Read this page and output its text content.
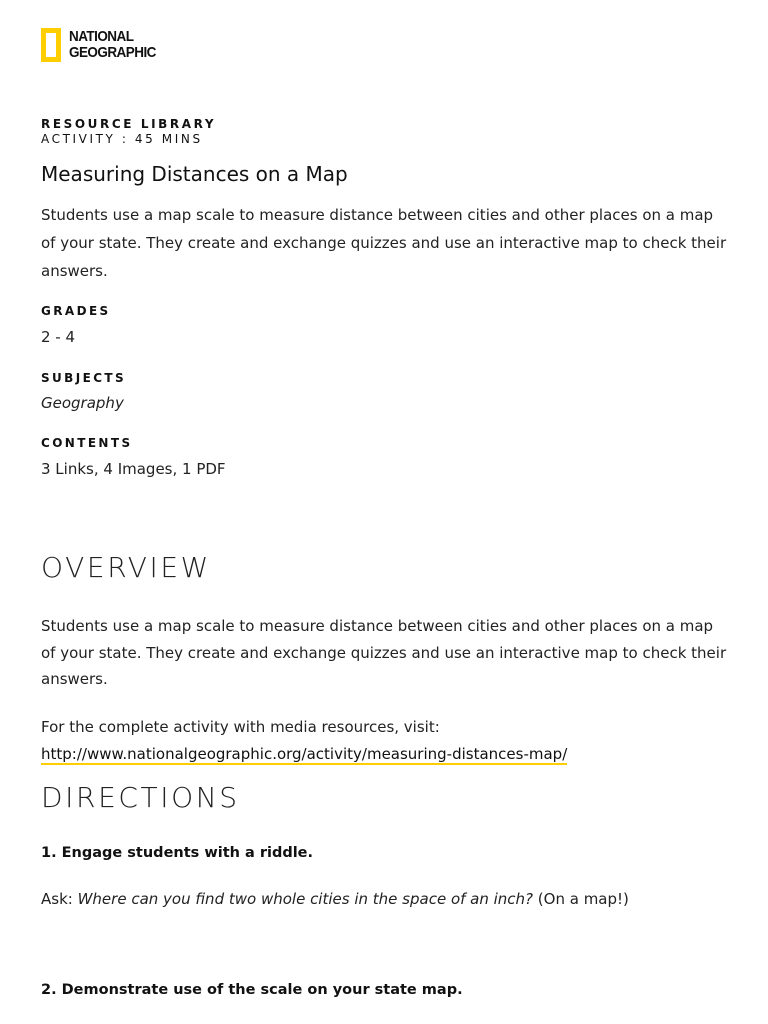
NATIONAL
GEOGRAPHIC
RESOURCE LIBRARY
ACTIVITY : 45 MINS
Measuring Distances on a Map

Students use a map scale to measure distance between cities and other places on a map of your state. They create and exchange quizzes and use an interactive map to check their answers.

GRADES
2 - 4
SUBJECTS
Geography
CONTENTS
3 Links, 4 Images, 1 PDF
OVERVIEW

Students use a map scale to measure distance between cities and other places on a map of your state. They create and exchange quizzes and use an interactive map to check their answers.

For the complete activity with media resources, visit:
http://www.nationalgeographic.org/activity/measuring-distances-map/
DIRECTIONS
1. Engage students with a riddle.
Ask: Where can you find two whole cities in the space of an inch? (On a map!)
2. Demonstrate use of the scale on your state map.
